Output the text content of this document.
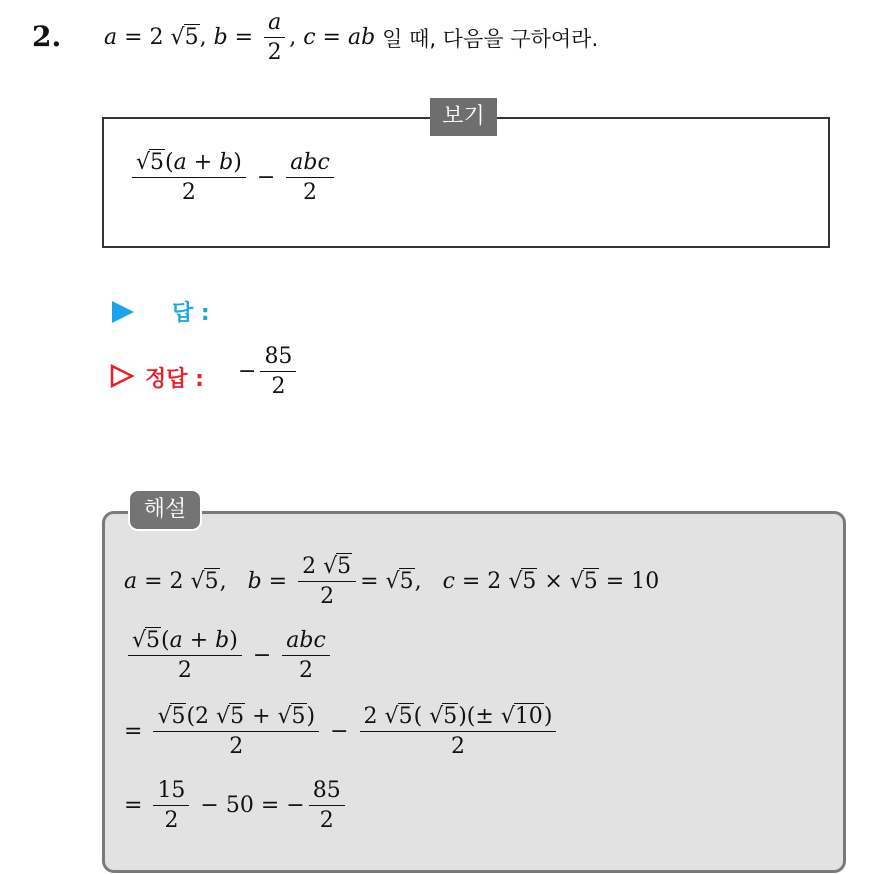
2. a = 2 √5 , $b = \frac{a}{2}$ , c = ab
일 때, 다음을 구하여라.
보기
$\frac{√5(a + b)}{2} - \frac{\text{abc}}{2}$
답 :
정답 : − $\frac{85}{2}$
해설
a = 2 √5 , $b = \frac{2 √5}{2} = √5$ , c = 2 √5 × √5 = 10
$\frac{√5(a + b)}{2} - \frac{\text{abc}}{2}$
= $\frac{√5(2 √5 + √5)}{2} - \frac{2 √5( √5)(\pm √10)}{2}$
= $\frac{15}{2} - 50$ = − $\frac{85}{2}$
